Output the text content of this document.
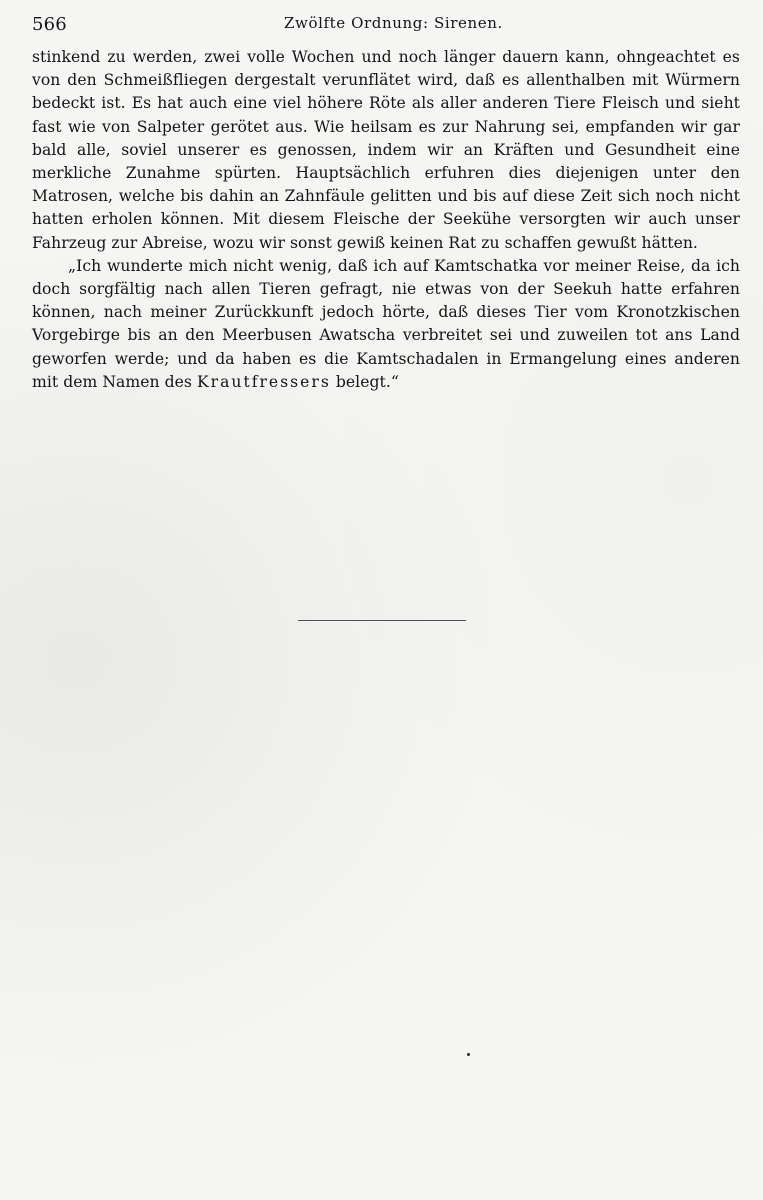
566	Zwölfte Ordnung: Sirenen.

stinkend zu werden, zwei volle Wochen und noch länger dauern kann, ohngeachtet es von den Schmeißfliegen dergestalt verunflätet wird, daß es allenthalben mit Würmern bedeckt ist. Es hat auch eine viel höhere Röte als aller anderen Tiere Fleisch und sieht fast wie von Salpeter gerötet aus. Wie heilsam es zur Nahrung sei, empfanden wir gar bald alle, soviel unserer es genossen, indem wir an Kräften und Gesundheit eine merkliche Zunahme spürten. Hauptsächlich erfuhren dies diejenigen unter den Matrosen, welche bis dahin an Zahnfäule gelitten und bis auf diese Zeit sich noch nicht hatten erholen können. Mit diesem Fleische der Seekühe versorgten wir auch unser Fahrzeug zur Abreise, wozu wir sonst gewiß keinen Rat zu schaffen gewußt hätten.

„Ich wunderte mich nicht wenig, daß ich auf Kamtschatka vor meiner Reise, da ich doch sorgfältig nach allen Tieren gefragt, nie etwas von der Seekuh hatte erfahren können, nach meiner Zurückkunft jedoch hörte, daß dieses Tier vom Kronotzkischen Vorgebirge bis an den Meerbusen Awatscha verbreitet sei und zuweilen tot ans Land geworfen werde; und da haben es die Kamtschadalen in Ermangelung eines anderen mit dem Namen des Krautfressers belegt.“
